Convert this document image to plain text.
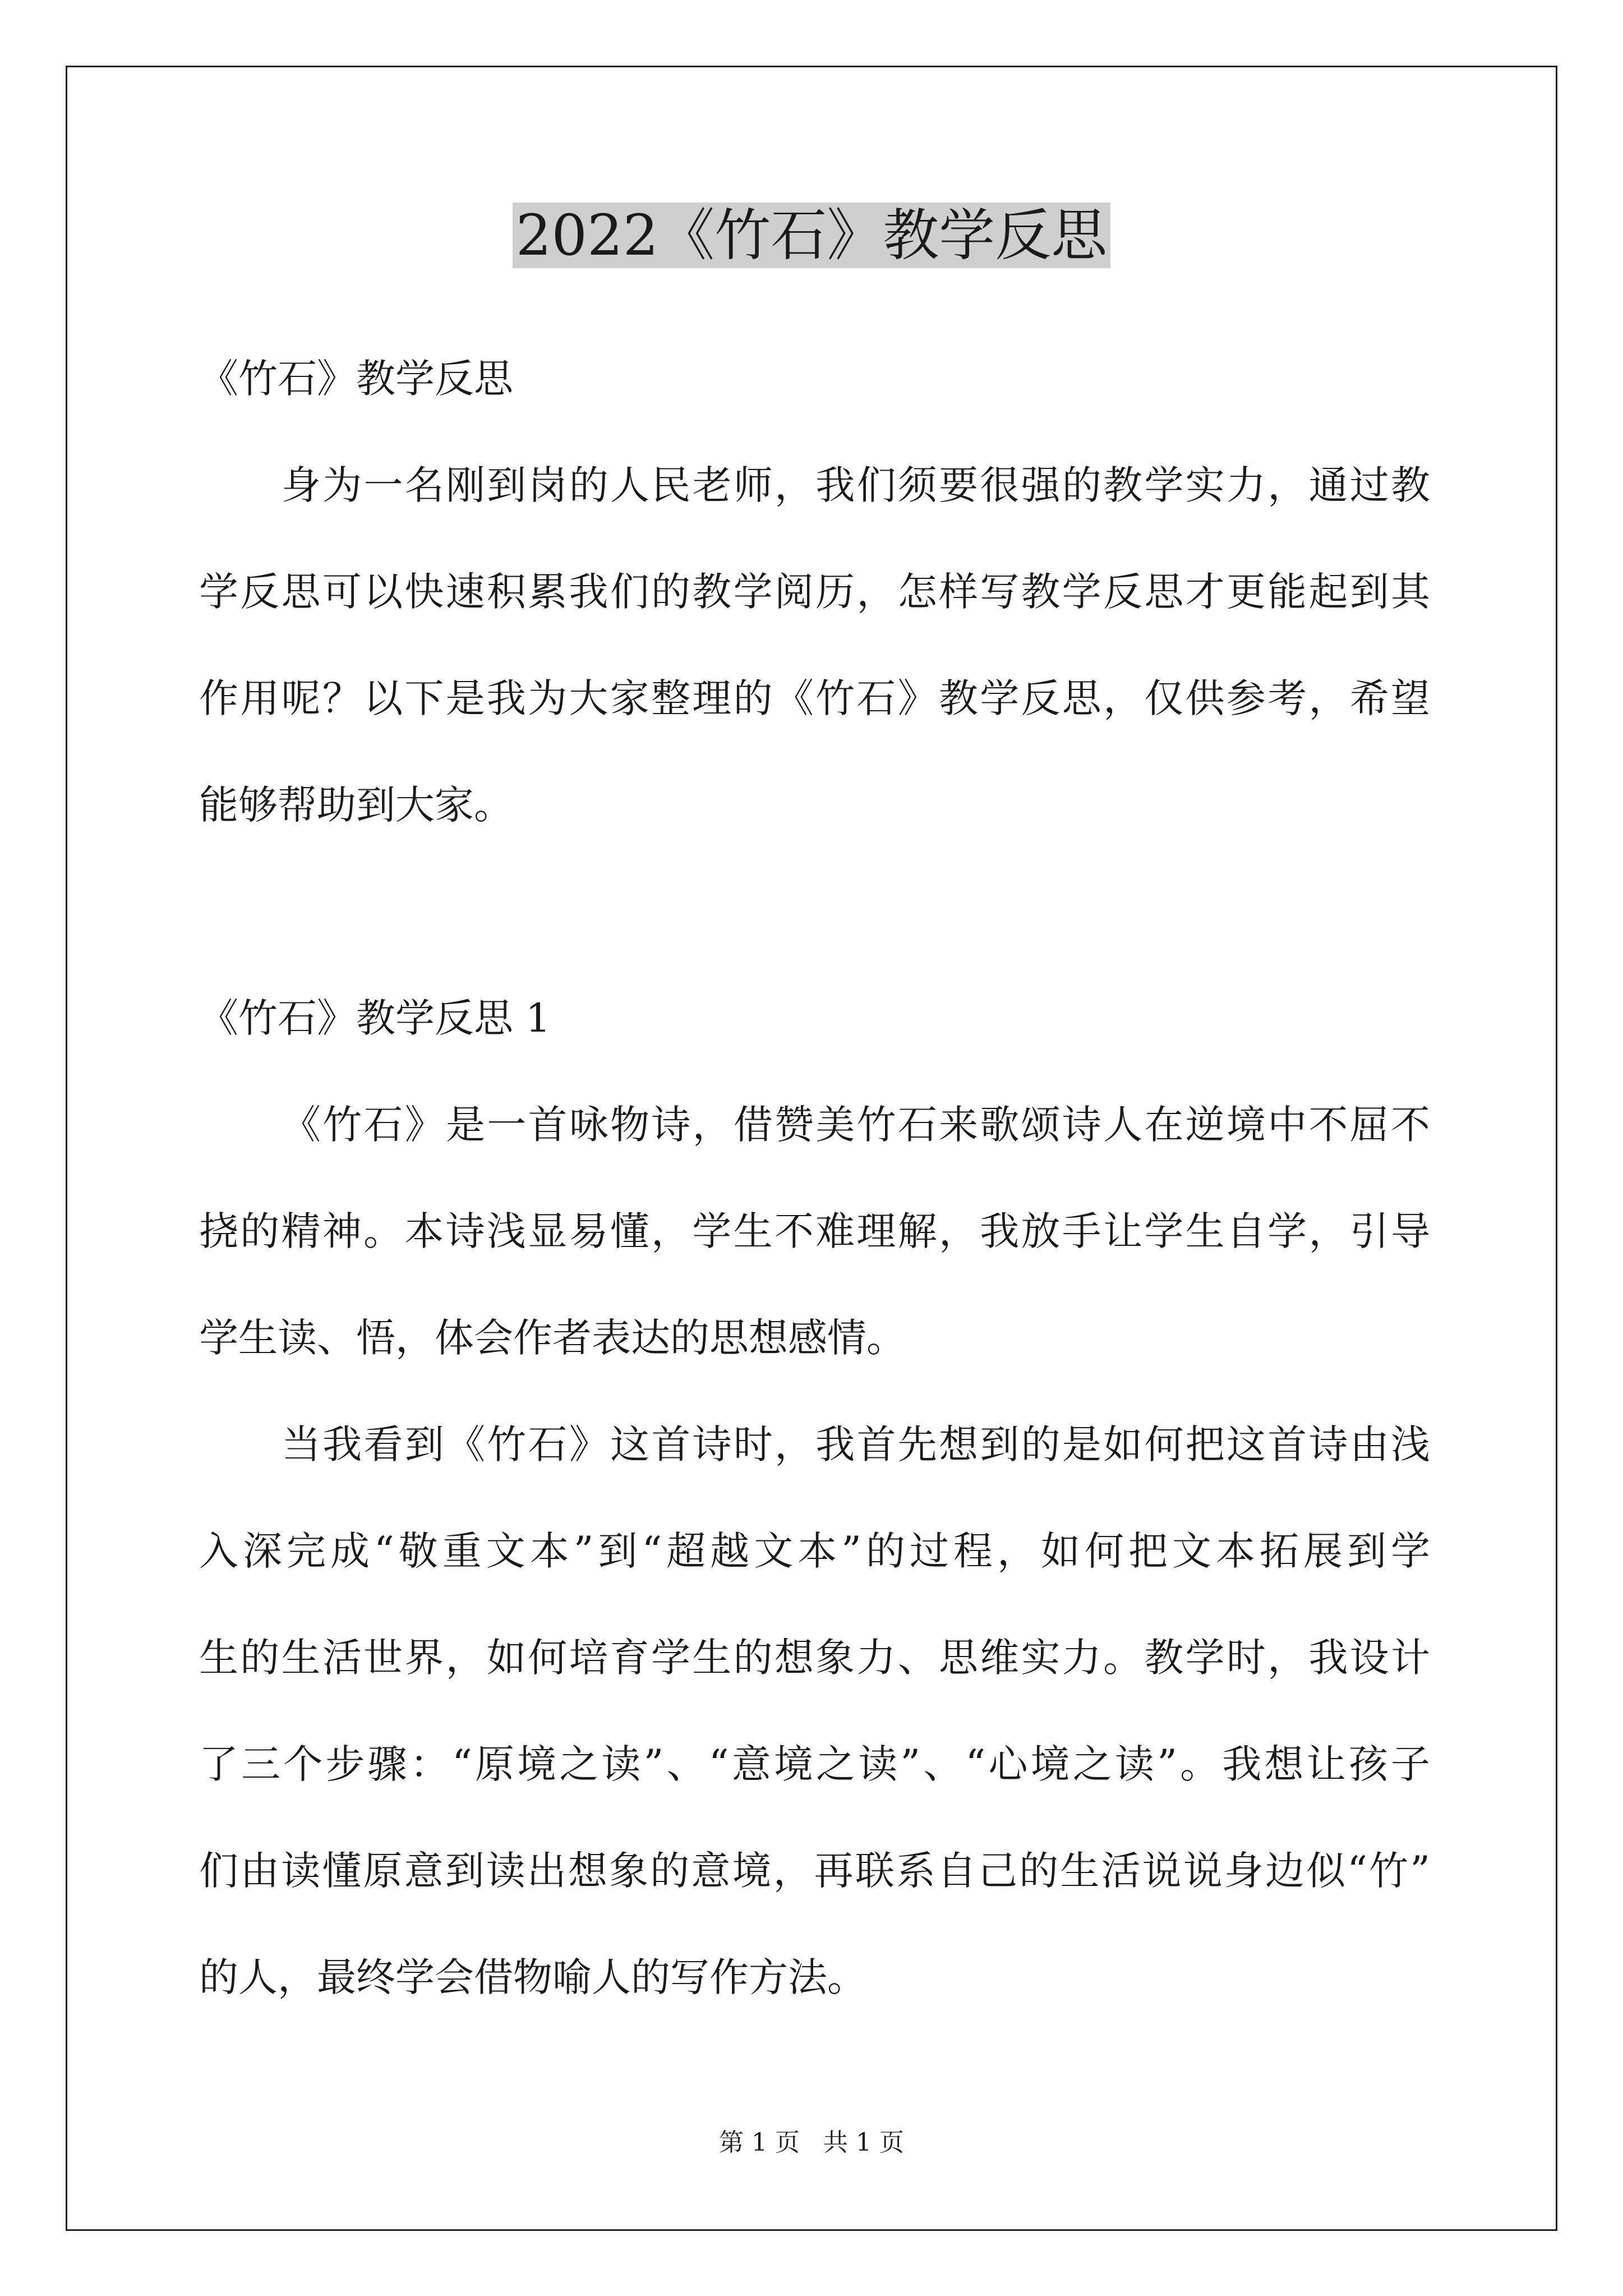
2022《竹石》教学反思
《竹石》教学反思
身为一名刚到岗的人民老师，我们须要很强的教学实力，通过教
学反思可以快速积累我们的教学阅历，怎样写教学反思才更能起到其
作用呢？以下是我为大家整理的《竹石》教学反思，仅供参考，希望
能够帮助到大家。
《竹石》教学反思 1
《竹石》是一首咏物诗，借赞美竹石来歌颂诗人在逆境中不屈不
挠的精神。本诗浅显易懂，学生不难理解，我放手让学生自学，引导
学生读、悟，体会作者表达的思想感情。
当我看到《竹石》这首诗时，我首先想到的是如何把这首诗由浅
入深完成“敬重文本”到“超越文本”的过程，如何把文本拓展到学
生的生活世界，如何培育学生的想象力、思维实力。教学时，我设计
了三个步骤：“原境之读”、“意境之读”、“心境之读”。我想让孩子
们由读懂原意到读出想象的意境，再联系自己的生活说说身边似“竹”
的人，最终学会借物喻人的写作方法。
第 1 页   共 1 页
